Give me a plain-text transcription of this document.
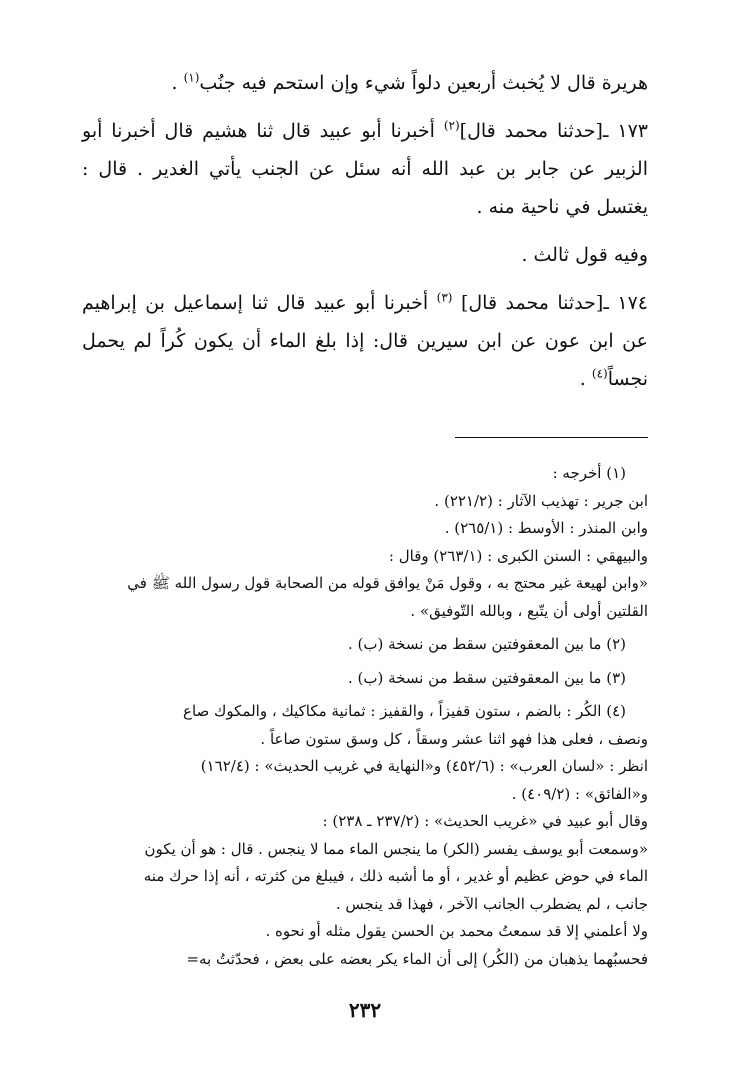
هريرة قال لا يُخبث أربعين دلواً شيء وإن استحم فيه جنُب$^{(١)}$ .

١٧٣ ـ[حدثنا محمد قال]$^{(٢)}$ أخبرنا أبو عبيد قال ثنا هشيم قال أخبرنا أبو الزبير عن جابر بن عبد الله أنه سئل عن الجنب يأتي الغدير . قال : يغتسل في ناحية منه .

وفيه قول ثالث .

١٧٤ ـ[حدثنا محمد قال] $^{(٣)}$ أخبرنا أبو عبيد قال ثنا إسماعيل بن إبراهيم عن ابن عون عن ابن سيرين قال: إذا بلغ الماء أن يكون كُراً لم يحمل نجساً$^{(٤)}$ .

(١) أخرجه :
ابن جرير : تهذيب الآثار : (٢٢١/٢) .
وابن المنذر : الأوسط : (٢٦٥/١) .
والبيهقي : السنن الكبرى : (٢٦٣/١) وقال :
«وابن لهيعة غير محتج به ، وقول مَنْ يوافق قوله من الصحابة قول رسول الله ﷺ في
القلتين أولى أن يتّبع ، وبالله التّوفيق» .
(٢) ما بين المعقوفتين سقط من نسخة (ب) .
(٣) ما بين المعقوفتين سقط من نسخة (ب) .
(٤) الكُر : بالضم ، ستون قفيزاً ، والقفيز : ثمانية مكاكيك ، والمكوك صاع
ونصف ، فعلى هذا فهو اثنا عشر وسقاً ، كل وسق ستون صاعاً .
انظر : «لسان العرب» : (٤٥٢/٦) و«النهاية في غريب الحديث» : (١٦٢/٤)
و«الفائق» : (٤٠٩/٢) .
وقال أبو عبيد في «غريب الحديث» : (٢٣٧/٢ ـ ٢٣٨) :
«وسمعت أبو يوسف يفسر (الكر) ما ينجس الماء مما لا ينجس . قال : هو أن يكون
الماء في حوض عظيم أو غدير ، أو ما أشبه ذلك ، فيبلغ من كثرته ، أنه إذا حرك منه
جانب ، لم يضطرب الجانب الآخر ، فهذا قد ينجس .
ولا أعلمني إلا قد سمعتُ محمد بن الحسن يقول مثله أو نحوه .
فحسبُهما يذهبان من (الكُر) إلى أن الماء يكر بعضه على بعض ، فحدّثتُ به=
٢٣٢
